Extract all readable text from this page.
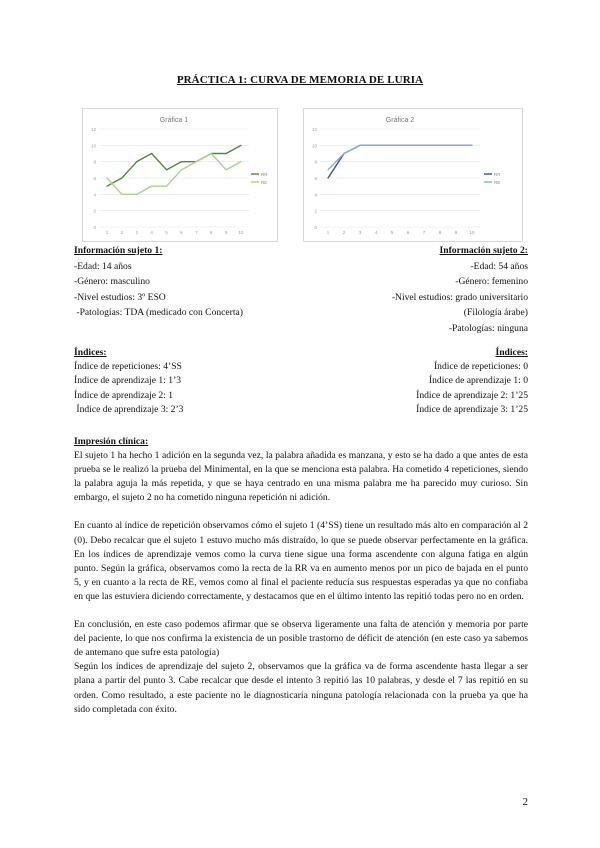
PRÁCTICA 1: CURVA DE MEMORIA DE LURIA
Gráfica 1
0
2
4
6
8
10
12
1	2	3	4	5	6	7	8	9 10
RR
RE
Gráfica 2
0
2
4
6
8
10
12
1	2	3	4	5	6	7	8	9	10
RR
RE
Información sujeto 1:
-Edad: 14 años
-Género: masculino
-Nivel estudios: 3º ESO
-Patologías: TDA (medicado con Concerta)
Información sujeto 2:
-Edad: 54 años
-Género: femenino
-Nivel estudios: grado universitario
(Filología árabe)
-Patologías: ninguna
Índices:
Índice de repeticiones: 4’SS
Índice de aprendizaje 1: 1’3
Índice de aprendizaje 2: 1
Índice de aprendizaje 3: 2’3
Índices:
Índice de repeticiones: 0
Índice de aprendizaje 1: 0
Índice de aprendizaje 2: 1’25
Índice de aprendizaje 3: 1’25
Impresión clínica:

El sujeto 1 ha hecho 1 adición en la segunda vez, la palabra añadida es manzana, y esto se ha dado a que antes de esta prueba se le realizó la prueba del Minimental, en la que se menciona esta palabra. Ha cometido 4 repeticiones, siendo la palabra aguja la más repetida, y que se haya centrado en una misma palabra me ha parecido muy curioso. Sin embargo, el sujeto 2 no ha cometido ninguna repetición ni adición.

En cuanto al índice de repetición observamos cómo el sujeto 1 (4’SS) tiene un resultado más alto en comparación al 2 (0). Debo recalcar que el sujeto 1 estuvo mucho más distraído, lo que se puede observar perfectamente en la gráfica. En los índices de aprendizaje vemos como la curva tiene sigue una forma ascendente con alguna fatiga en algún punto. Según la gráfica, observamos como la recta de la RR va en aumento menos por un pico de bajada en el punto 5, y en cuanto a la recta de RE, vemos como al final el paciente reducía sus respuestas esperadas ya que no confiaba en que las estuviera diciendo correctamente, y destacamos que en el último intento las repitió todas pero no en orden.

En conclusión, en este caso podemos afirmar que se observa ligeramente una falta de atención y memoria por parte del paciente, lo que nos confirma la existencia de un posible trastorno de déficit de atención (en este caso ya sabemos de antemano que sufre esta patología)

Según los índices de aprendizaje del sujeto 2, observamos que la gráfica va de forma ascendente hasta llegar a ser plana a partir del punto 3. Cabe recalcar que desde el intento 3 repitió las 10 palabras, y desde el 7 las repitió en su orden. Como resultado, a este paciente no le diagnosticaría ninguna patología relacionada con la prueba ya que ha sido completada con éxito.

2
